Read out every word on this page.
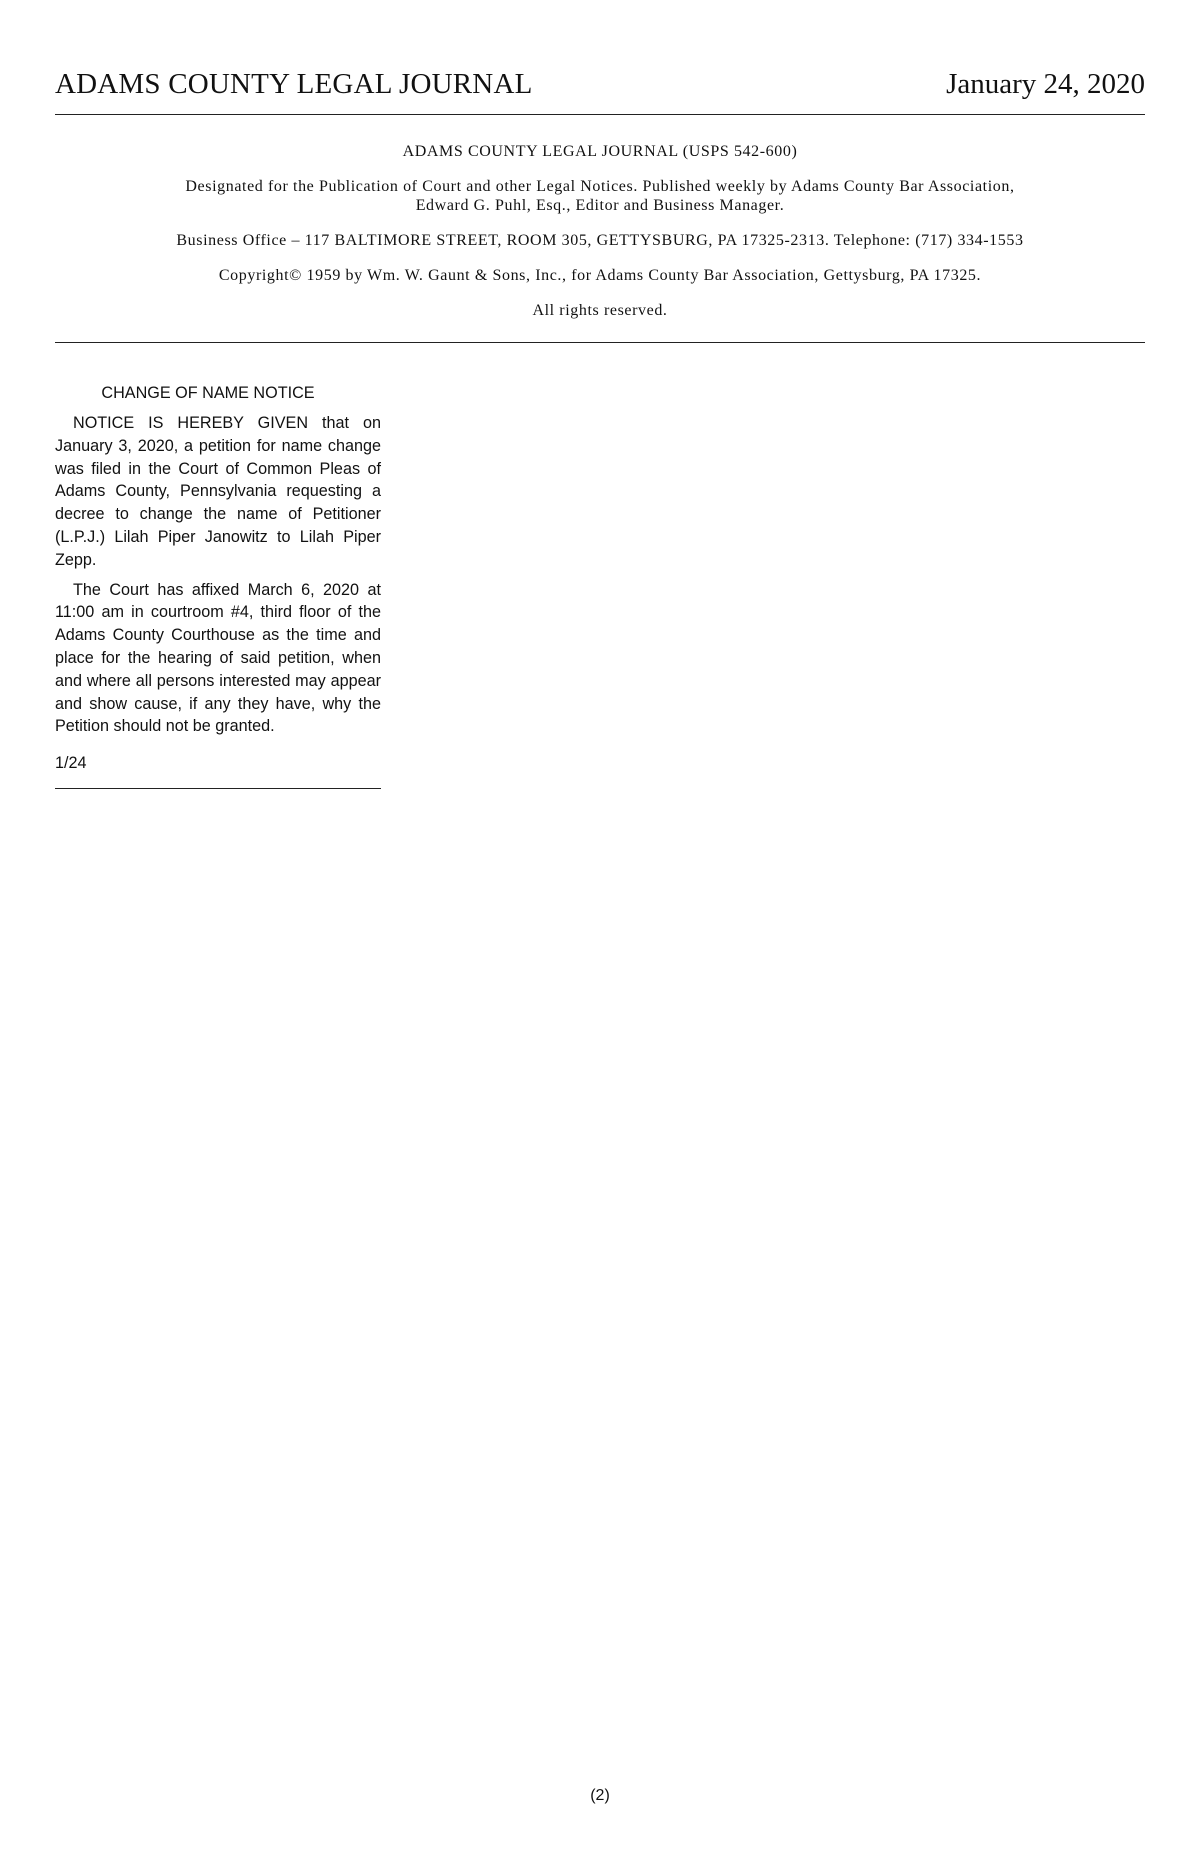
ADAMS COUNTY LEGAL JOURNAL	January 24, 2020

ADAMS COUNTY LEGAL JOURNAL (USPS 542-600)

Designated for the Publication of Court and other Legal Notices. Published weekly by Adams County Bar Association,

Edward G. Puhl, Esq., Editor and Business Manager.

Business Office – 117 BALTIMORE STREET, ROOM 305, GETTYSBURG, PA 17325-2313. Telephone: (717) 334-1553

Copyright© 1959 by Wm. W. Gaunt & Sons, Inc., for Adams County Bar Association, Gettysburg, PA 17325.

All rights reserved.

CHANGE OF NAME NOTICE

NOTICE IS HEREBY GIVEN that on January 3, 2020, a petition for name change was filed in the Court of Common Pleas of Adams County, Pennsylvania requesting a decree to change the name of Petitioner (L.P.J.) Lilah Piper Janowitz to Lilah Piper Zepp.

The Court has affixed March 6, 2020 at 11:00 am in courtroom #4, third floor of the Adams County Courthouse as the time and place for the hearing of said petition, when and where all persons interested may appear and show cause, if any they have, why the Petition should not be granted.

1/24

(2)
